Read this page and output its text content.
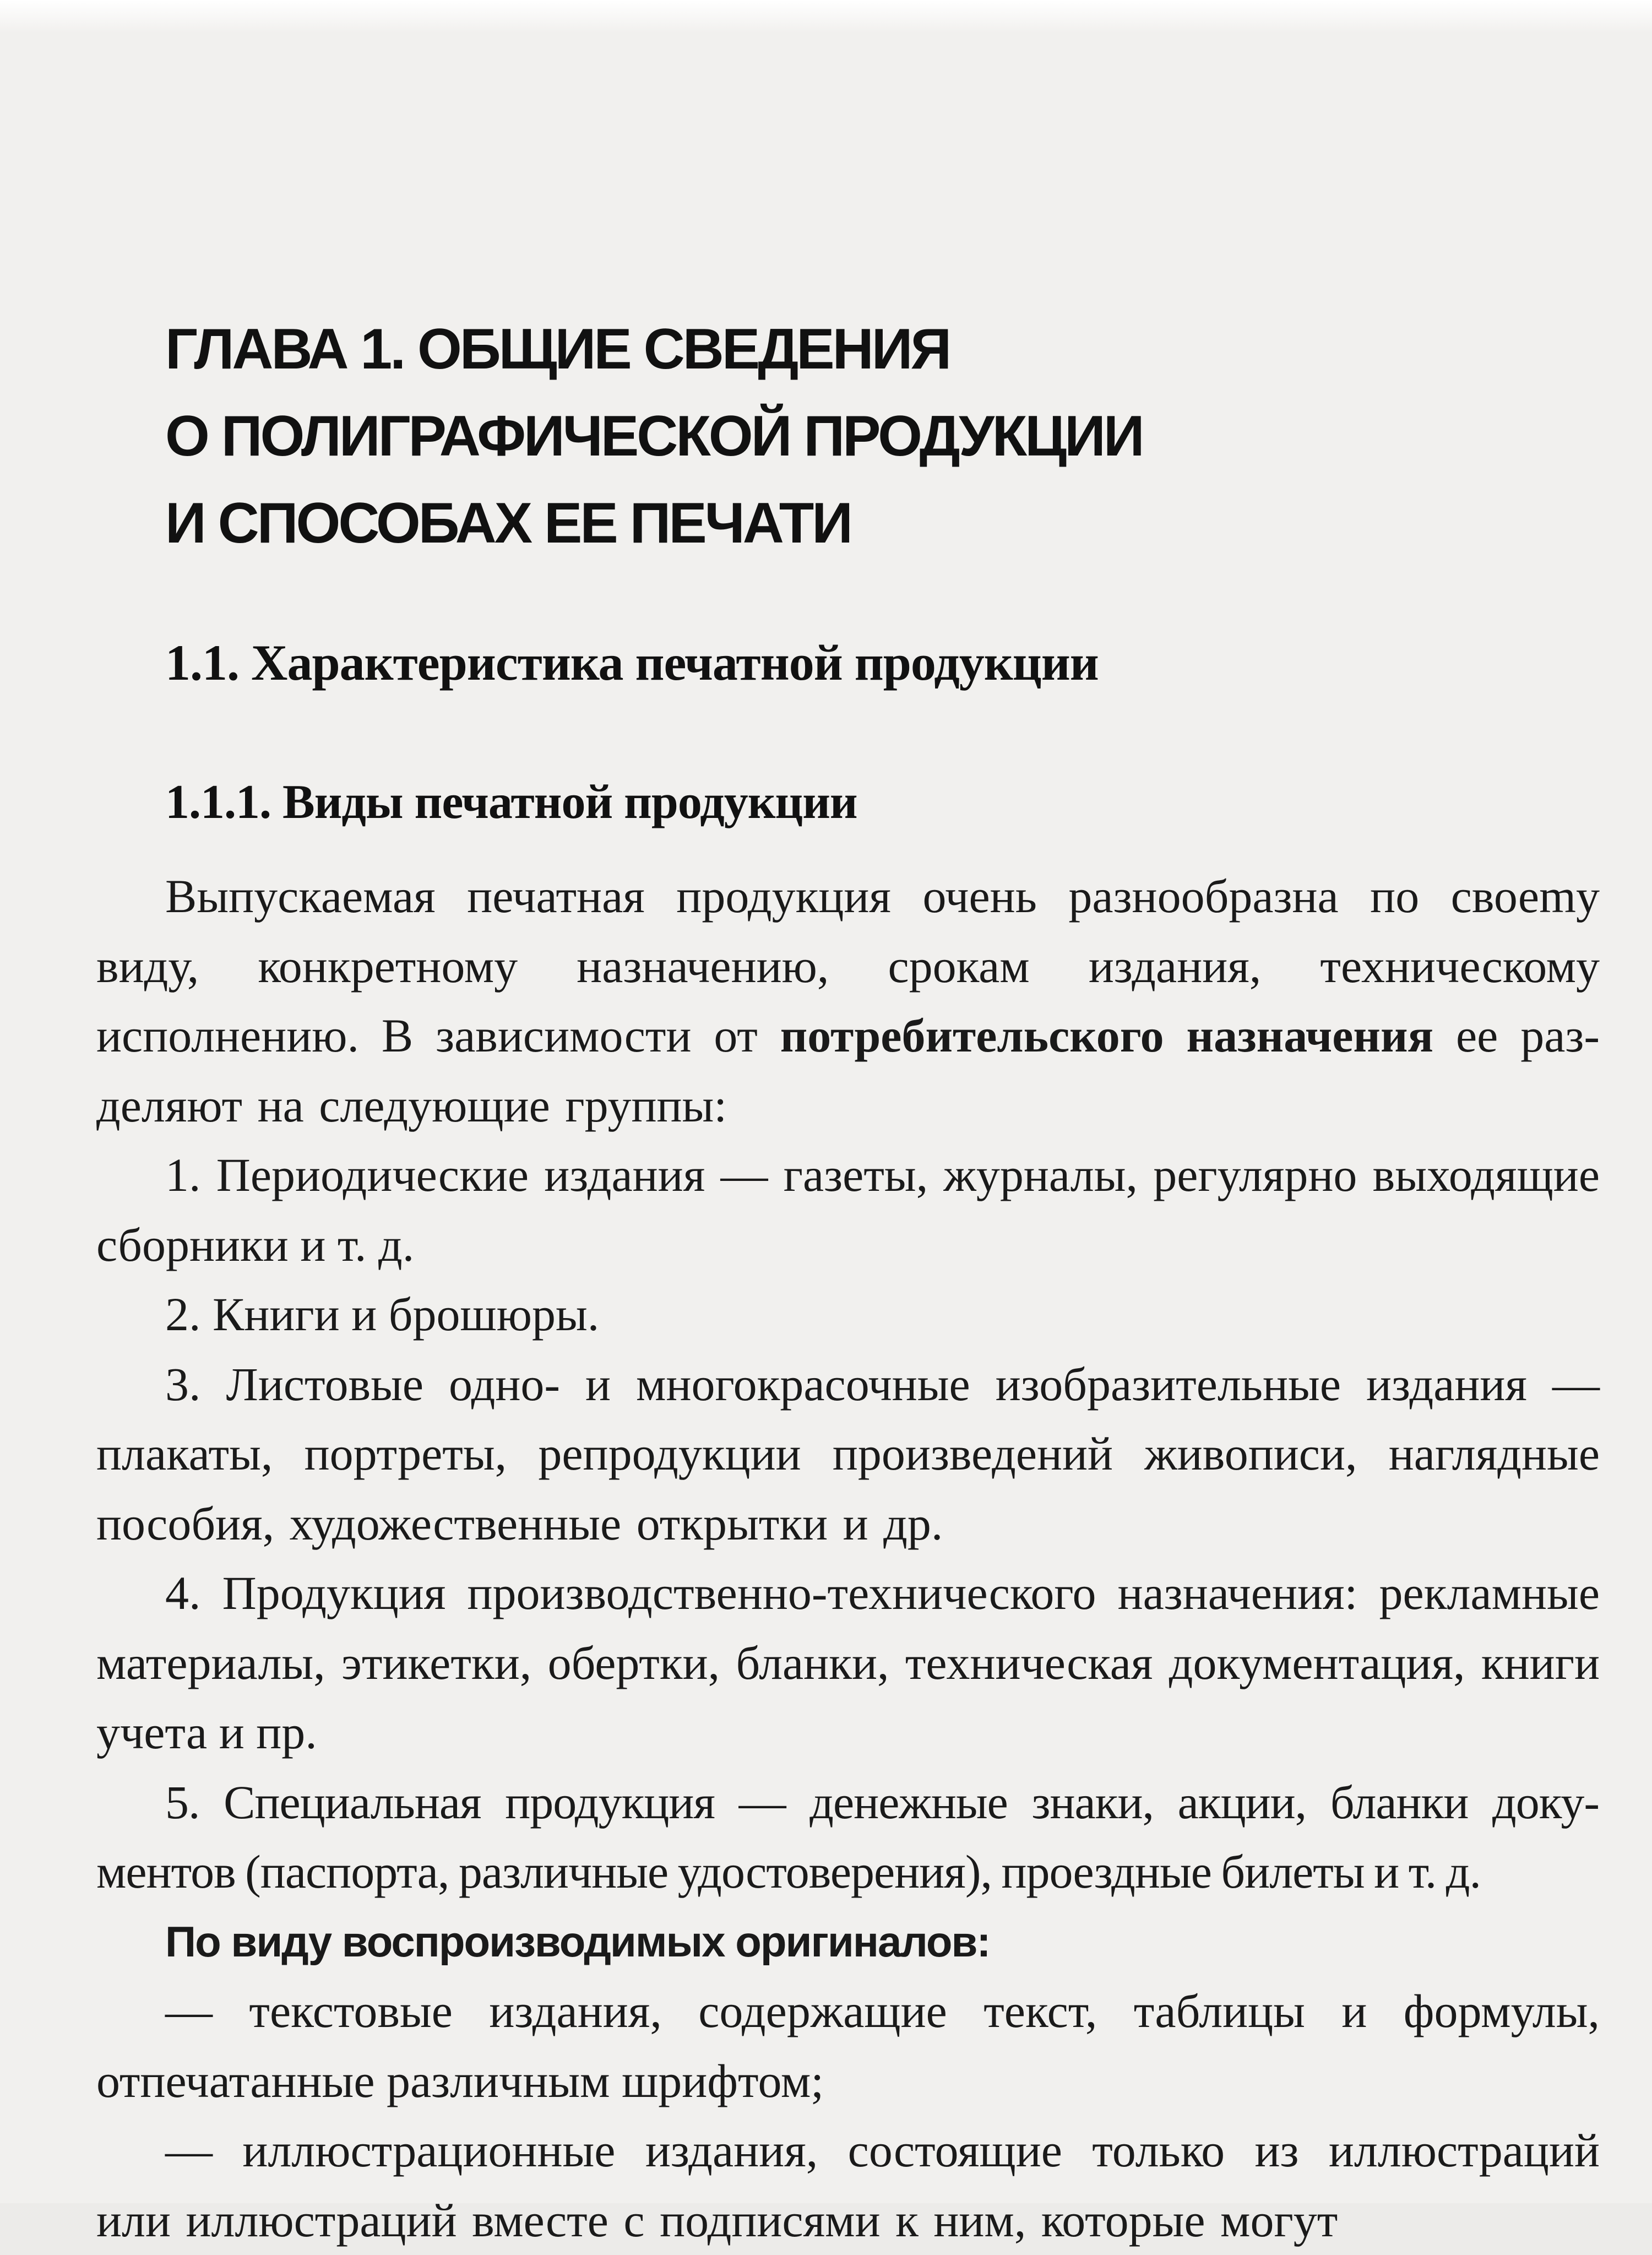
ГЛАВА 1. ОБЩИЕ СВЕДЕНИЯ
О ПОЛИГРАФИЧЕСКОЙ ПРОДУКЦИИ
И СПОСОБАХ ЕЕ ПЕЧАТИ
1.1. Характеристика печатной продукции
1.1.1. Виды печатной продукции

Выпускаемая печатная продукция очень разнообразна по своеmу виду, конкретному назначению, срокам издания, техническому исполнению. В зависимости от потребительского назначения ее разделяют на следующие группы:

1. Периодические издания — газеты, журналы, регулярно выходящие сборники и т. д.

2. Книги и брошюры.

3. Листовые одно- и многокрасочные изобразительные издания — плакаты, портреты, репродукции произведений живописи, наглядные пособия, художественные открытки и др.

4. Продукция производственно-технического назначения: рекламные материалы, этикетки, обертки, бланки, техническая документация, книги учета и пр.

5. Специальная продукция — денежные знаки, акции, бланки документов (паспорта, различные удостоверения), проездные билеты и т. д.

По виду воспроизводимых оригиналов:

— текстовые издания, содержащие текст, таблицы и формулы, отпечатанные различным шрифтом;

— иллюстрационные издания, состоящие только из иллюстраций или иллюстраций вместе с подписями к ним, которые могут
